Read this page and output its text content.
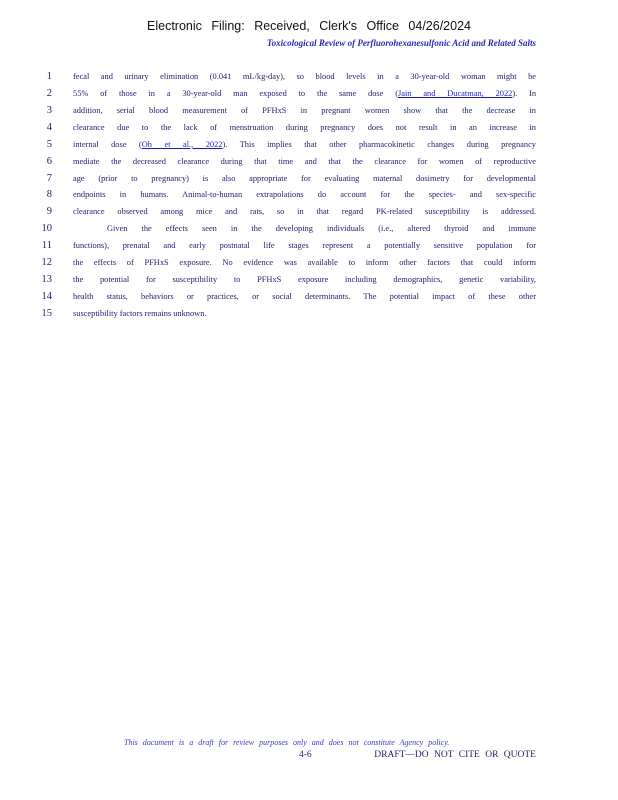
Electronic Filing: Received, Clerk's Office 04/26/2024
Toxicological Review of Perfluorohexanesulfonic Acid and Related Salts
1	fecal and urinary elimination (0.041 mL/kg-day), so blood levels in a 30-year-old woman might be
2	55% of those in a 30-year-old man exposed to the same dose (Jain and Ducatman, 2022). In
3	addition, serial blood measurement of PFHxS in pregnant women show that the decrease in
4	clearance due to the lack of menstruation during pregnancy does not result in an increase in
5	internal dose (Oh et al., 2022). This implies that other pharmacokinetic changes during pregnancy
6	mediate the decreased clearance during that time and that the clearance for women of reproductive
7	age (prior to pregnancy) is also appropriate for evaluating maternal dosimetry for developmental
8	endpoints in humans. Animal-to-human extrapolations do account for the species- and sex-specific
9	clearance observed among mice and rats, so in that regard PK-related susceptibility is addressed.
10	Given the effects seen in the developing individuals (i.e., altered thyroid and immune
11	functions), prenatal and early postnatal life stages represent a potentially sensitive population for
12	the effects of PFHxS exposure. No evidence was available to inform other factors that could inform
13	the potential for susceptibility to PFHxS exposure including demographics, genetic variability,
14	health status, behaviors or practices, or social determinants. The potential impact of these other
15	susceptibility factors remains unknown.
This document is a draft for review purposes only and does not constitute Agency policy.
4-6	DRAFT—DO NOT CITE OR QUOTE
